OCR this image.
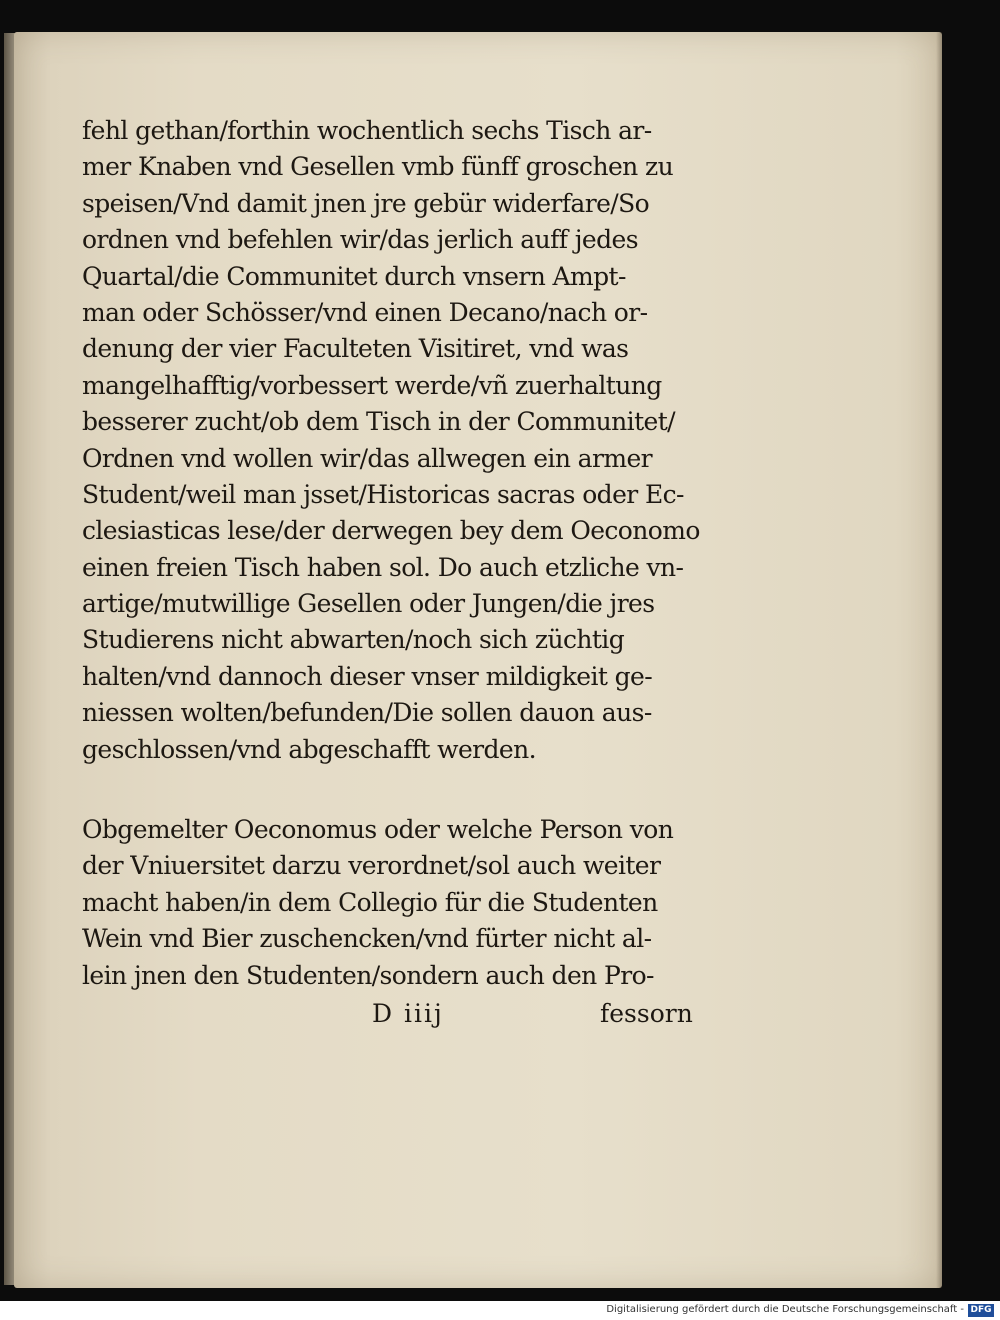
fehl gethan/forthin wochentlich sechs Tisch ar-
mer Knaben vnd Gesellen vmb fünff groschen zu
speisen/Vnd damit jnen jre gebür widerfare/So
ordnen vnd befehlen wir/das jerlich auff jedes
Quartal/die Communitet durch vnsern Ampt-
man oder Schösser/vnd einen Decano/nach or-
denung der vier Faculteten Visitiret, vnd was
mangelhafftig/vorbessert werde/vñ zuerhaltung
besserer zucht/ob dem Tisch in der Communitet/
Ordnen vnd wollen wir/das allwegen ein armer
Student/weil man jsset/Historicas sacras oder Ec-
clesiasticas lese/der derwegen bey dem Oeconomo
einen freien Tisch haben sol. Do auch etzliche vn-
artige/mutwillige Gesellen oder Jungen/die jres
Studierens nicht abwarten/noch sich züchtig
halten/vnd dannoch dieser vnser mildigkeit ge-
niessen wolten/befunden/Die sollen dauon aus-
geschlossen/vnd abgeschafft werden.
Obgemelter Oeconomus oder welche Person von
der Vniuersitet darzu verordnet/sol auch weiter
macht haben/in dem Collegio für die Studenten
Wein vnd Bier zuschencken/vnd fürter nicht al-
lein jnen den Studenten/sondern auch den Pro-
D iiij	fessorn
Digitalisierung gefördert durch die Deutsche Forschungsgemeinschaft - DFG
